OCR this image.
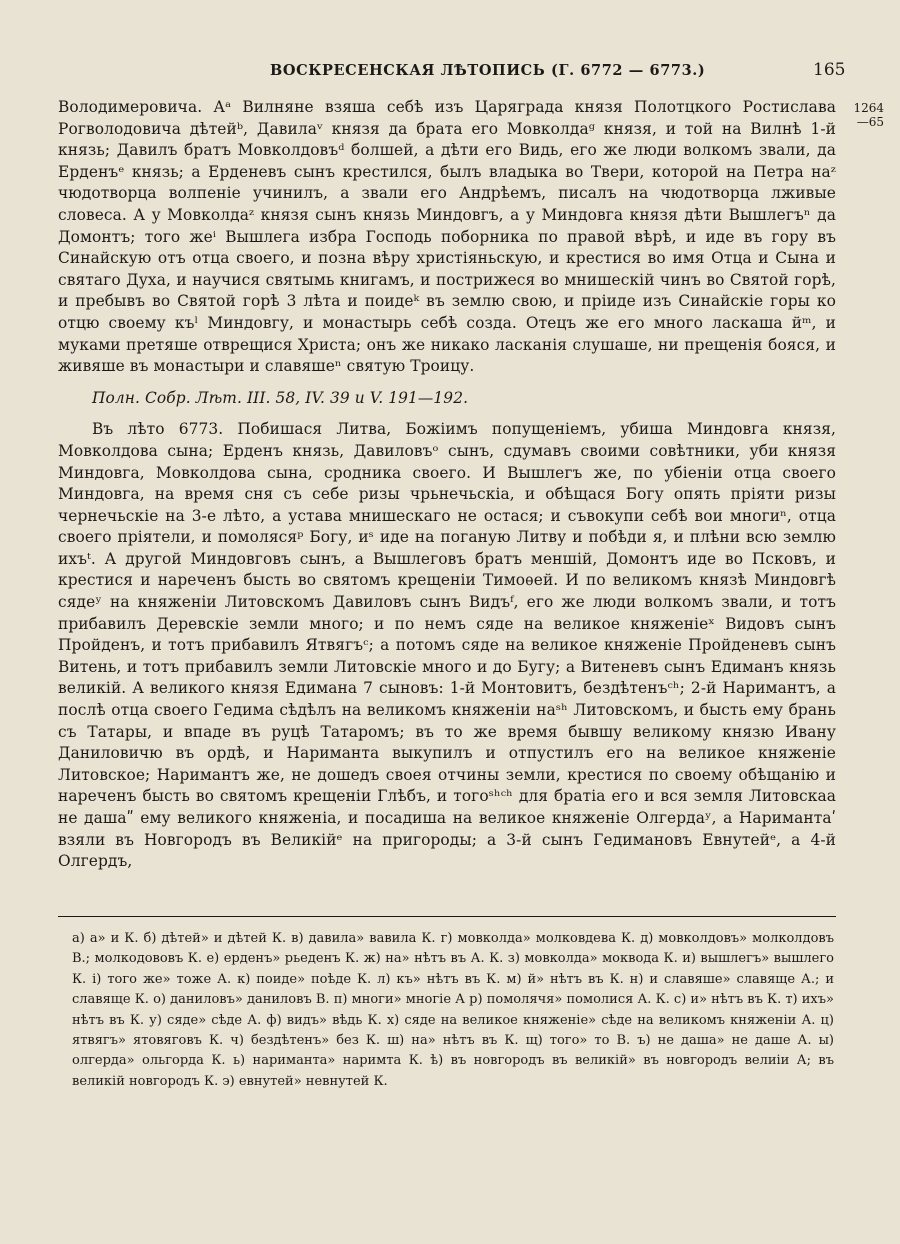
ВОСКРЕСЕНСКАЯ ЛѢТОПИСЬ (Г. 6772 — 6773.)	165
1264
—65

Володимеровича. Аᵃ Вилняне взяша себѣ изъ Царяграда князя Полотцкого Ростислава Рогволодовича дѣтейᵇ, Давилаᵛ князя да брата его Мовколдаᵍ князя, и той на Вилнѣ 1-й князь; Давилъ братъ Мовколдовъᵈ болшей, а дѣти его Видь, его же люди волкомъ звали, да Ерденъᵉ князь; а Ерденевъ сынъ крестился, былъ владыка во Твери, которой на Петра наᶻ чюдотворца волпеніе учинилъ, а звали его Андрѣемъ, писалъ на чюдотворца лживые словеса. А у Мовколдаᶻ князя сынъ князь Миндовгъ, а у Миндовга князя дѣти Вышлегъⁿ да Домонтъ; того жеⁱ Вышлега избра Господь поборника по правой вѣрѣ, и иде въ гору въ Синайскую отъ отца своего, и позна вѣру христіяньскую, и крестися во имя Отца и Сына и святаго Духа, и научися святымь книгамъ, и пострижеся во мнишескій чинъ во Святой горѣ, и пребывъ во Святой горѣ 3 лѣта и поидеᵏ въ землю свою, и пріиде изъ Синайскіе горы ко отцю своему къˡ Миндовгу, и монастырь себѣ созда. Отецъ же его много ласкаша йᵐ, и муками претяше отврещися Христа; онъ же никако ласканія слушаше, ни прещенія бояся, и живяше въ монастыри и славяшеⁿ святую Троицу.

Полн. Собр. Лѣт. III. 58, IV. 39 и V. 191—192.

Въ лѣто 6773. Побишася Литва, Божіимъ попущеніемъ, убиша Миндовга князя, Мовколдова сына; Ерденъ князь, Давиловъᵒ сынъ, сдумавъ своими совѣтники, уби князя Миндовга, Мовколдова сына, сродника своего. И Вышлегъ же, по убіеніи отца своего Миндовга, на время сня съ себе ризы чрьнечьскіа, и обѣщася Богу опять пріяти ризы чернечьскіе на 3-е лѣто, а устава мнишескаго не остася; и съвокупи себѣ вои многиⁿ, отца своего пріятели, и помолясяᵖ Богу, иˢ иде на поганую Литву и побѣди я, и плѣни всю землю ихъᵗ. А другой Миндовговъ сынъ, а Вышлеговъ братъ меншій, Домонтъ иде во Псковъ, и крестися и нареченъ бысть во святомъ крещеніи Тимоѳей. И по великомъ князѣ Миндовгѣ сядеʸ на княженіи Литовскомъ Давиловъ сынъ Видъᶠ, его же люди волкомъ звали, и тотъ прибавилъ Деревскіе земли много; и по немъ сяде на великое княженіеˣ Видовъ сынъ Пройденъ, и тотъ прибавилъ Ятвягъᶜ; а потомъ сяде на великое княженіе Пройденевъ сынъ Витень, и тотъ прибавилъ земли Литовскіе много и до Бугу; а Витеневъ сынъ Едиманъ князь великій. А великого князя Едимана 7 сыновъ: 1-й Монтовитъ, бездѣтенъᶜʰ; 2-й Наримантъ, а послѣ отца своего Гедима сѣдѣлъ на великомъ княженіи наˢʰ Литовскомъ, и бысть ему брань съ Татары, и впаде въ руцѣ Татаромъ; въ то же время бывшу великому князю Ивану Даниловичю въ ордѣ, и Нариманта выкупилъ и отпустилъ его на великое княженіе Литовское; Наримантъ же, не дошедъ своея отчины земли, крестися по своему обѣщанію и нареченъ бысть во святомъ крещеніи Глѣбъ, и тогоˢʰᶜʰ для братіа его и вся земля Литовскаа не дашаʺ ему великого княженіа, и посадиша на великое княженіе Олгердаʸ, а Наримантаʹ взяли въ Новгородъ въ Великійᵉ на пригороды; а 3-й сынъ Гедимановъ Евнутейᵉ, а 4-й Олгердъ,

а) а» и К. б) дѣтей» и дѣтей К. в) давила» вавила К. г) мовколда» молковдева К. д) мовколдовъ» молколдовъ В.; молкодововъ К. е) ерденъ» рьеденъ К. ж) на» нѣтъ въ А. К. з) мовколда» мокводa К. и) вышлегъ» вышлего К. і) того же» тоже А. к) поиде» поѣде К. л) къ» нѣтъ въ К. м) й» нѣтъ въ К. н) и славяше» славяще А.; и славяще К. о) даниловъ» даниловъ В. п) многи» многіе А р) помолячя» помолися А. К. с) и» нѣтъ въ К. т) ихъ» нѣтъ въ К. у) сяде» сѣде А. ф) видъ» вѣдь К. х) сяде на великое княженіе» сѣде на великомъ княженіи А. ц) ятвягъ» ятовяговъ К. ч) бездѣтенъ» без К. ш) на» нѣтъ въ К. щ) того» то В. ъ) не даша» не даше А. ы) олгерда» ольгорда К. ь) наримантa» наримта К. ѣ) въ новгородъ въ великій» въ новгородъ велиіи А; въ великій новгородъ К. э) евнутей» невнутей К.
